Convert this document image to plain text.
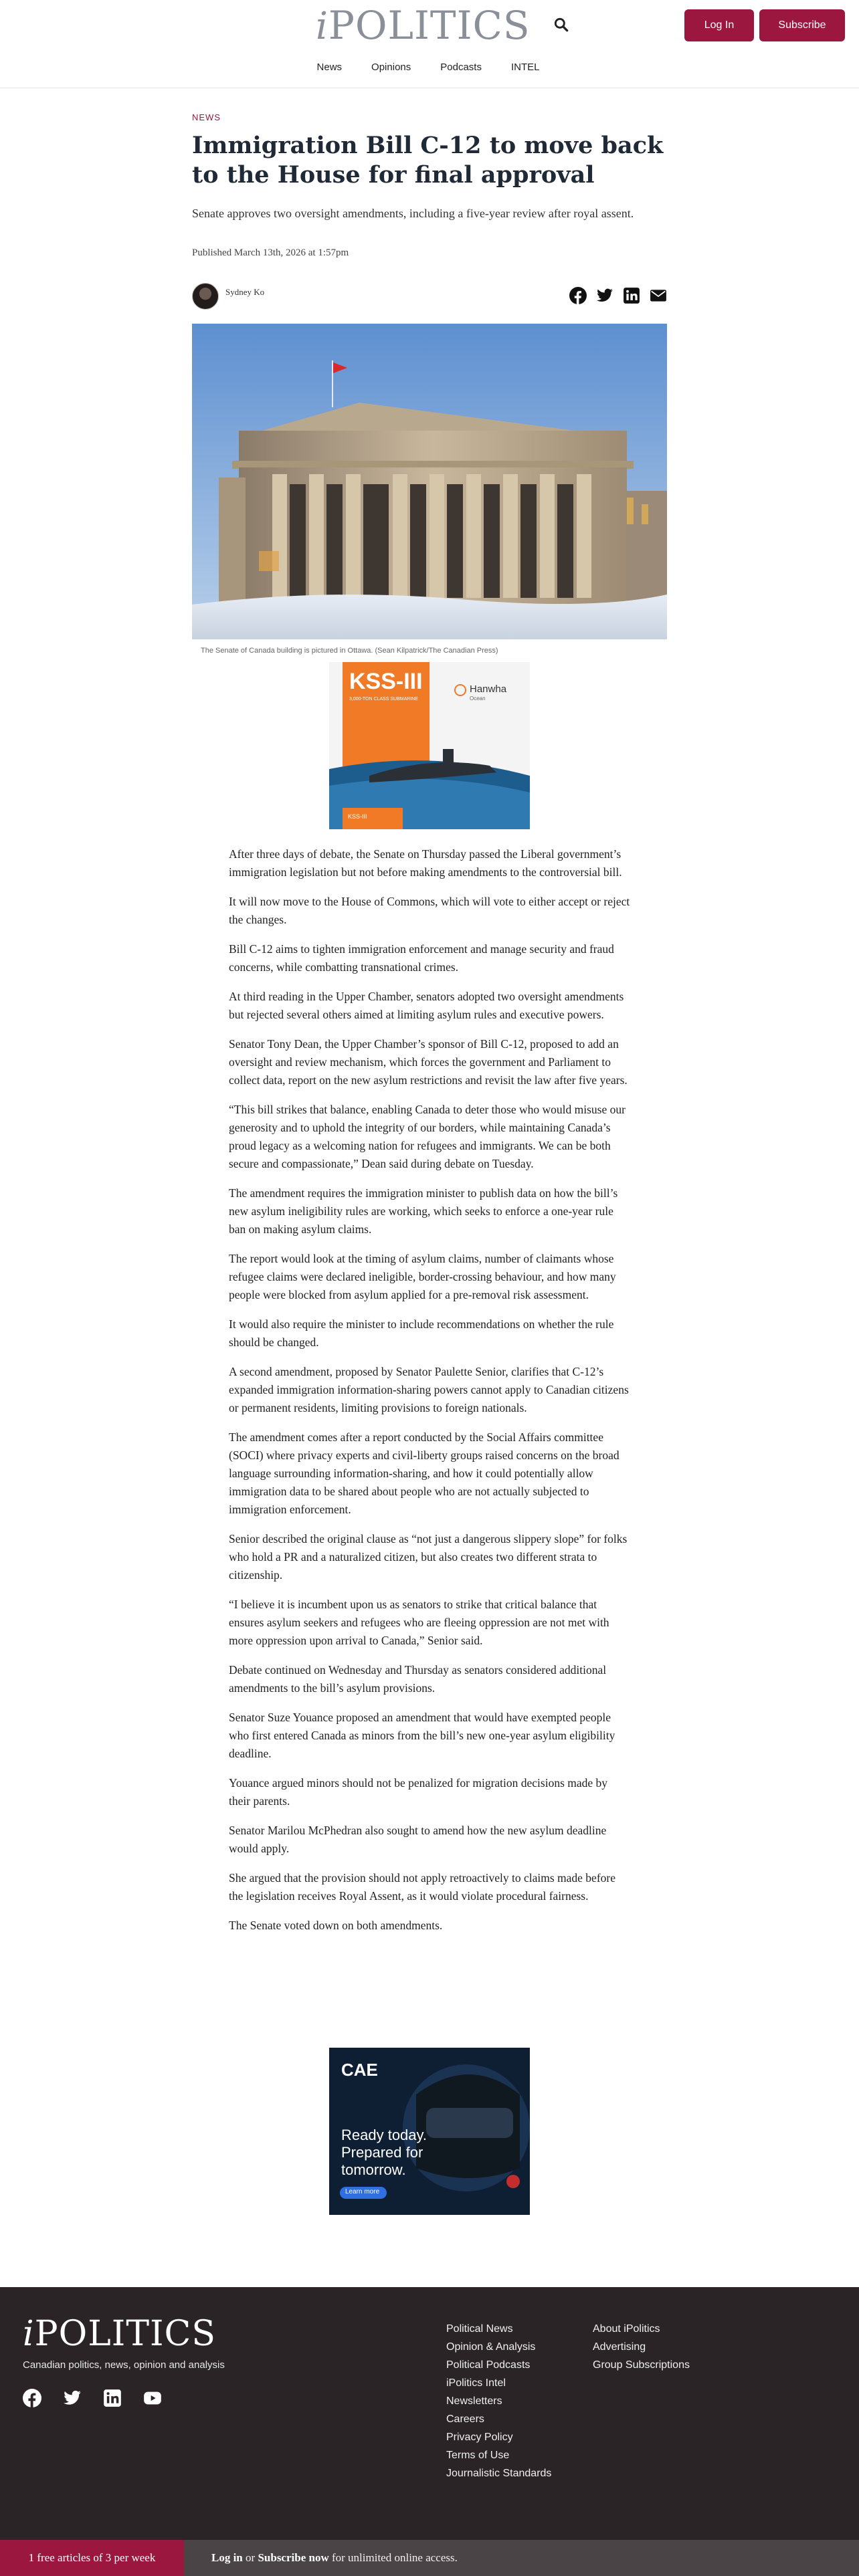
iPOLITICS	Log In	Subscribe
News	Opinions	Podcasts	INTEL
NEWS
Immigration Bill C-12 to move back to the House for final approval

Senate approves two oversight amendments, including a five-year review after royal assent.

Published March 13th, 2026 at 1:57pm

Sydney Ko
The Senate of Canada building is pictured in Ottawa. (Sean Kilpatrick/The Canadian Press)
KSS-III
3,000-TON CLASS SUBMARINE
Hanwha
Ocean
KSS-III

After three days of debate, the Senate on Thursday passed the Liberal government’s immigration legislation but not before making amendments to the controversial bill.

It will now move to the House of Commons, which will vote to either accept or reject the changes.

Bill C-12 aims to tighten immigration enforcement and manage security and fraud concerns, while combatting transnational crimes.

At third reading in the Upper Chamber, senators adopted two oversight amendments but rejected several others aimed at limiting asylum rules and executive powers.

Senator Tony Dean, the Upper Chamber’s sponsor of Bill C-12, proposed to add an oversight and review mechanism, which forces the government and Parliament to collect data, report on the new asylum restrictions and revisit the law after five years.

“This bill strikes that balance, enabling Canada to deter those who would misuse our generosity and to uphold the integrity of our borders, while maintaining Canada’s proud legacy as a welcoming nation for refugees and immigrants. We can be both secure and compassionate,” Dean said during debate on Tuesday.

The amendment requires the immigration minister to publish data on how the bill’s new asylum ineligibility rules are working, which seeks to enforce a one-year rule ban on making asylum claims.

The report would look at the timing of asylum claims, number of claimants whose refugee claims were declared ineligible, border-crossing behaviour, and how many people were blocked from asylum applied for a pre-removal risk assessment.

It would also require the minister to include recommendations on whether the rule should be changed.

A second amendment, proposed by Senator Paulette Senior, clarifies that C-12’s expanded immigration information-sharing powers cannot apply to Canadian citizens or permanent residents, limiting provisions to foreign nationals.

The amendment comes after a report conducted by the Social Affairs committee (SOCI) where privacy experts and civil-liberty groups raised concerns on the broad language surrounding information-sharing, and how it could potentially allow immigration data to be shared about people who are not actually subjected to immigration enforcement.

Senior described the original clause as “not just a dangerous slippery slope” for folks who hold a PR and a naturalized citizen, but also creates two different strata to citizenship.

“I believe it is incumbent upon us as senators to strike that critical balance that ensures asylum seekers and refugees who are fleeing oppression are not met with more oppression upon arrival to Canada,” Senior said.

Debate continued on Wednesday and Thursday as senators considered additional amendments to the bill’s asylum provisions.

Senator Suze Youance proposed an amendment that would have exempted people who first entered Canada as minors from the bill’s new one-year asylum eligibility deadline.

Youance argued minors should not be penalized for migration decisions made by their parents.

Senator Marilou McPhedran also sought to amend how the new asylum deadline would apply.

She argued that the provision should not apply retroactively to claims made before the legislation receives Royal Assent, as it would violate procedural fairness.

The Senate voted down on both amendments.

CAE
Ready today. Prepared for tomorrow.
Learn more
iPOLITICS
Canadian politics, news, opinion and analysis
Political News
Opinion & Analysis
Political Podcasts
iPolitics Intel
Newsletters
Careers
Privacy Policy
Terms of Use
Journalistic Standards
About iPolitics
Advertising
Group Subscriptions
1 free articles of 3 per week	Log in or Subscribe now for unlimited online access.
